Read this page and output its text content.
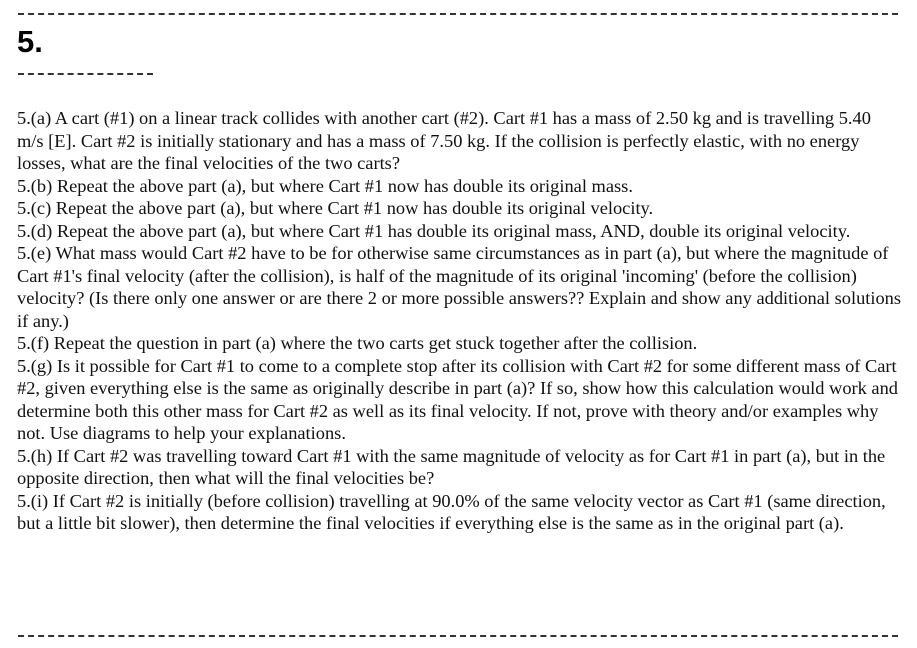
5.

5.(a) A cart (#1) on a linear track collides with another cart (#2). Cart #1 has a mass of 2.50 kg and is travelling 5.40 m/s [E]. Cart #2 is initially stationary and has a mass of 7.50 kg. If the collision is perfectly elastic, with no energy losses, what are the final velocities of the two carts?

5.(b) Repeat the above part (a), but where Cart #1 now has double its original mass.

5.(c) Repeat the above part (a), but where Cart #1 now has double its original velocity.

5.(d) Repeat the above part (a), but where Cart #1 has double its original mass, AND, double its original velocity.

5.(e) What mass would Cart #2 have to be for otherwise same circumstances as in part (a), but where the magnitude of Cart #1's final velocity (after the collision), is half of the magnitude of its original 'incoming' (before the collision) velocity? (Is there only one answer or are there 2 or more possible answers?? Explain and show any additional solutions if any.)

5.(f) Repeat the question in part (a) where the two carts get stuck together after the collision.

5.(g) Is it possible for Cart #1 to come to a complete stop after its collision with Cart #2 for some different mass of Cart #2, given everything else is the same as originally describe in part (a)? If so, show how this calculation would work and determine both this other mass for Cart #2 as well as its final velocity. If not, prove with theory and/or examples why not. Use diagrams to help your explanations.

5.(h) If Cart #2 was travelling toward Cart #1 with the same magnitude of velocity as for Cart #1 in part (a), but in the opposite direction, then what will the final velocities be?

5.(i) If Cart #2 is initially (before collision) travelling at 90.0% of the same velocity vector as Cart #1 (same direction, but a little bit slower), then determine the final velocities if everything else is the same as in the original part (a).
